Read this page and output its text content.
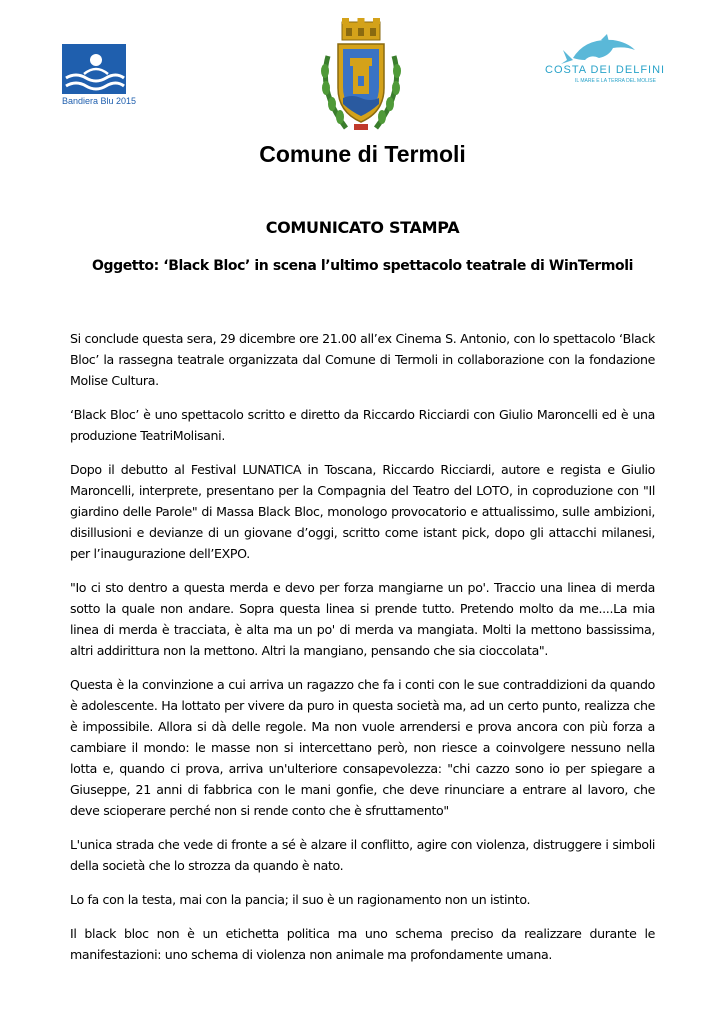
Bandiera Blu 2015
COSTA DEI DELFINI
IL MARE E LA TERRA DEL MOLISE
Comune di Termoli
COMUNICATO STAMPA
Oggetto: ‘Black Bloc’ in scena l’ultimo spettacolo teatrale di WinTermoli

Si conclude questa sera, 29 dicembre ore 21.00 all’ex Cinema S. Antonio, con lo spettacolo ‘Black Bloc’ la rassegna teatrale organizzata dal Comune di Termoli in collaborazione con la fondazione Molise Cultura.

‘Black Bloc’ è uno spettacolo scritto e diretto da Riccardo Ricciardi con Giulio Maroncelli ed è una produzione TeatriMolisani.

Dopo il debutto al Festival LUNATICA in Toscana, Riccardo Ricciardi, autore e regista e Giulio Maroncelli, interprete, presentano per la Compagnia del Teatro del LOTO, in coproduzione con "Il giardino delle Parole" di Massa Black Bloc, monologo provocatorio e attualissimo, sulle ambizioni, disillusioni e devianze di un giovane d’oggi, scritto come istant pick, dopo gli attacchi milanesi, per l’inaugurazione dell’EXPO.

"Io ci sto dentro a questa merda e devo per forza mangiarne un po'. Traccio una linea di merda sotto la quale non andare. Sopra questa linea si prende tutto. Pretendo molto da me....La mia linea di merda è tracciata, è alta ma un po' di merda va mangiata. Molti la mettono bassissima, altri addirittura non la mettono. Altri la mangiano, pensando che sia cioccolata".

Questa è la convinzione a cui arriva un ragazzo che fa i conti con le sue contraddizioni da quando è adolescente. Ha lottato per vivere da puro in questa società ma, ad un certo punto, realizza che è impossibile. Allora si dà delle regole. Ma non vuole arrendersi e prova ancora con più forza a cambiare il mondo: le masse non si intercettano però, non riesce a coinvolgere nessuno nella lotta e, quando ci prova, arriva un'ulteriore consapevolezza: "chi cazzo sono io per spiegare a Giuseppe, 21 anni di fabbrica con le mani gonfie, che deve rinunciare a entrare al lavoro, che deve scioperare perché non si rende conto che è sfruttamento"

L'unica strada che vede di fronte a sé è alzare il conflitto, agire con violenza, distruggere i simboli della società che lo strozza da quando è nato.

Lo fa con la testa, mai con la pancia; il suo è un ragionamento non un istinto.

Il black bloc non è un etichetta politica ma uno schema preciso da realizzare durante le manifestazioni: uno schema di violenza non animale ma profondamente umana.
